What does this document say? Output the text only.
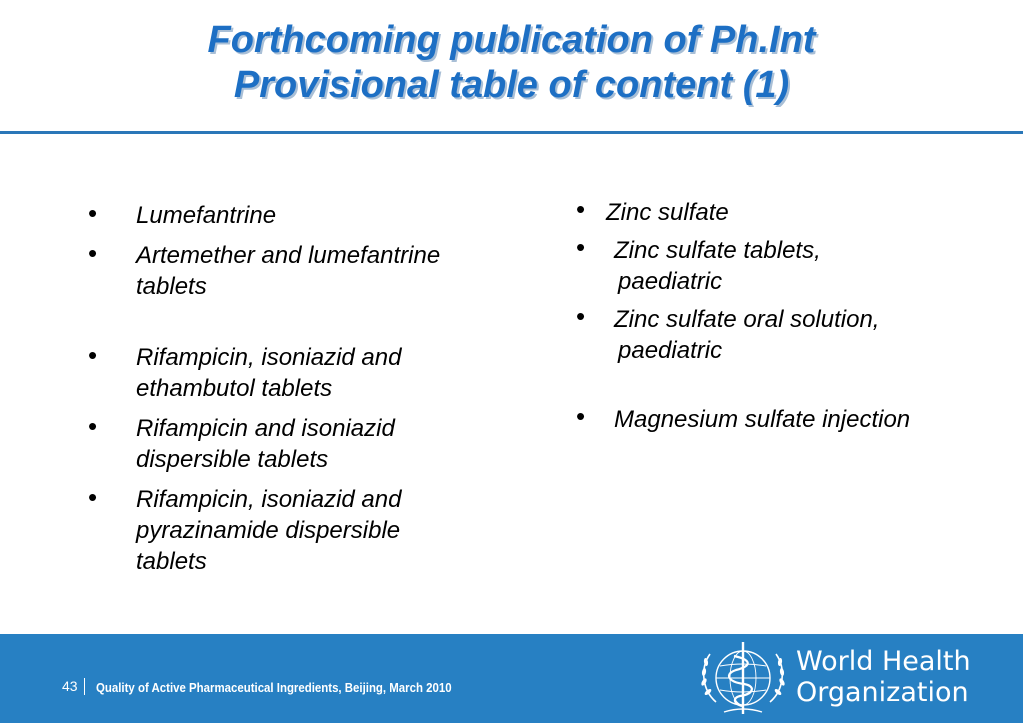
Forthcoming publication of Ph.Int
Provisional table of content (1)
• Lumefantrine
• Artemether and lumefantrine
tablets
• Rifampicin, isoniazid and
ethambutol tablets
• Rifampicin and isoniazid
dispersible tablets
• Rifampicin, isoniazid and
pyrazinamide dispersible
tablets
• Zinc sulfate
• Zinc sulfate tablets,
paediatric
• Zinc sulfate oral solution,
paediatric
• Magnesium sulfate injection
43 Quality of Active Pharmaceutical Ingredients, Beijing, March 2010
World Health
Organization
